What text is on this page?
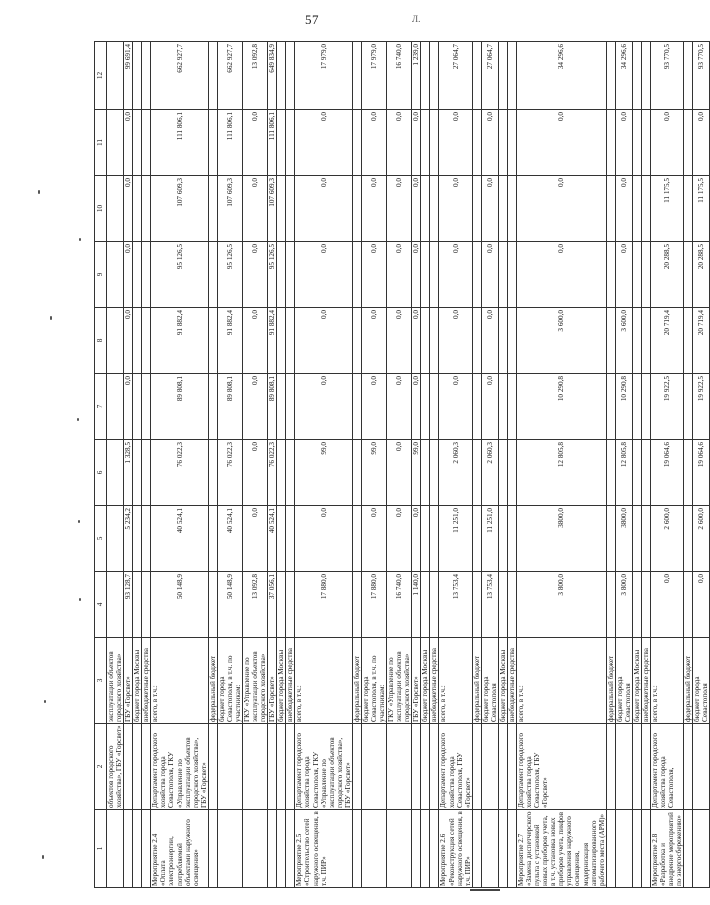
57	Л.
1	2	3	4	5	6	7	8	9	10	11	12
	объектов городского хозяйства», ГБУ «Горсвет»	эксплуатации объектов городского хозяйства»									
		ГБУ «Горсвет»	93 128,7	5 234,2	1 328,5	0,0	0,0	0,0	0,0	0,0	99 691,4
		бюджет города Москвы									
		внебюджетные средства									
Мероприятие 2.4 «Оплата электроэнергии, потребляемой объектами наружного освещения»	Департамент городского хозяйства города Севастополя, ГКУ «Управление по эксплуатации объектов городского хозяйства», ГБУ «Горсвет»	всего, в т.ч.:	50 148,9	40 524,1	76 022,3	89 808,1	91 882,4	95 126,5	107 609,3	111 806,1	662 927,7
		федеральный бюджет									
		бюджет города Севастополя, в т.ч. по участникам:	50 148,9	40 524,1	76 022,3	89 808,1	91 882,4	95 126,5	107 609,3	111 806,1	662 927,7
		ГКУ «Управление по эксплуатации объектов городского хозяйства»	13 092,8	0,0	0,0	0,0	0,0	0,0	0,0	0,0	13 092,8
		ГБУ «Горсвет»	37 056,1	40 524,1	76 022,3	89 808,1	91 882,4	95 126,5	107 609,3	111 806,1	649 834,9
		бюджет города Москвы									
		внебюджетные средства									
Мероприятие 2.5 «Строительство сетей наружного освещения, в т.ч. ПИР»	Департамент городского хозяйства города Севастополя, ГКУ «Управление по эксплуатации объектов городского хозяйства», ГБУ «Горсвет»	всего, в т.ч.:	17 880,0	0,0	99,0	0,0	0,0	0,0	0,0	0,0	17 979,0
		федеральный бюджет									
		бюджет города Севастополя, в т.ч. по участникам:	17 880,0	0,0	99,0	0,0	0,0	0,0	0,0	0,0	17 979,0
		ГКУ «Управление по эксплуатации объектов городского хозяйства»	16 740,0	0,0	0,0	0,0	0,0	0,0	0,0	0,0	16 740,0
		ГБУ «Горсвет»	1 140,0	0,0	99,0	0,0	0,0	0,0	0,0	0,0	1 239,0
		бюджет города Москвы									
		внебюджетные средства									
Мероприятие 2.6 «Реконструкция сетей наружного освещения, в т.ч. ПИР»	Департамент городского хозяйства города Севастополя, ГБУ «Горсвет»	всего, в т.ч.:	13 753,4	11 251,0	2 060,3	0,0	0,0	0,0	0,0	0,0	27 064,7
		федеральный бюджет									
		бюджет города Севастополя	13 753,4	11 251,0	2 060,3	0,0	0,0	0,0	0,0	0,0	27 064,7
		бюджет города Москвы									
		внебюджетные средства									
Мероприятие 2.7 «Замена диспетчерского пульта с установкой новых приборов учета, в т.ч. установка новых приборов учета, пикфов управления наружного освещения, модернизация автоматизированного рабочего места (АРМ)»	Департамент городского хозяйства города Севастополя, ГБУ «Горсвет»	всего, в т.ч.:	3 800,0	3800,0	12 805,8	10 290,8	3 600,0	0,0	0,0	0,0	34 296,6
		федеральный бюджет									
		бюджет города Севастополя	3 800,0	3800,0	12 805,8	10 290,8	3 600,0	0,0	0,0	0,0	34 296,6
		бюджет города Москвы									
		внебюджетные средства									
Мероприятие 2.8 «Разработка и внедрение мероприятий по энергосбережению»	Департамент городского хозяйства города Севастополя,	всего, в т.ч.:	0,0	2 600,0	19 064,6	19 922,5	20 719,4	20 288,5	11 175,5	0,0	93 770,5
		федеральный бюджет									
		бюджет города Севастополя	0,0	2 600,0	19 064,6	19 922,5	20 719,4	20 288,5	11 175,5	0,0	93 770,5
